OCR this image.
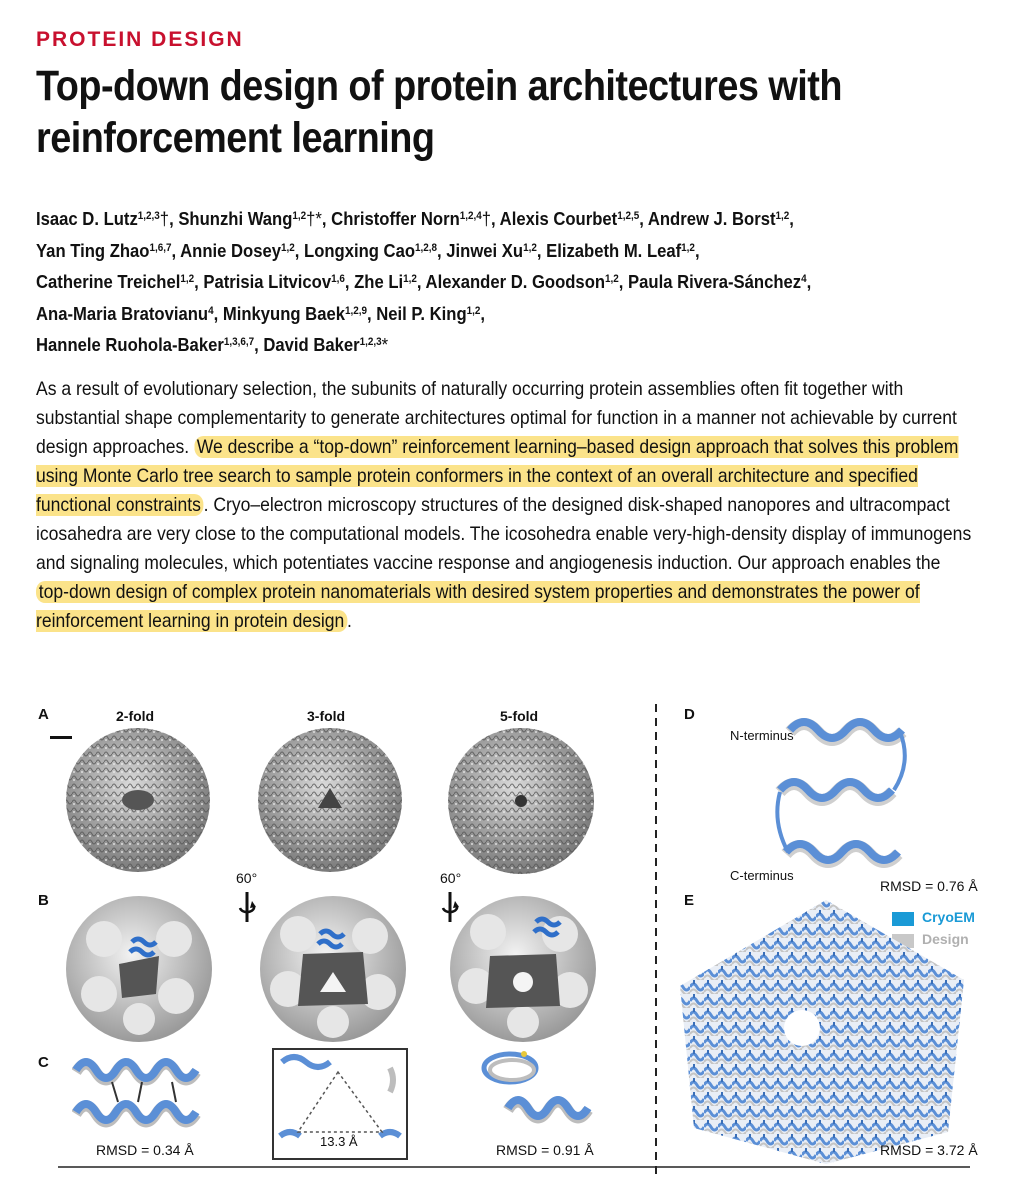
PROTEIN DESIGN
Top-down design of protein architectures with
reinforcement learning
Isaac D. Lutz$^{1,2,3}$†, Shunzhi Wang$^{1,2}$†*, Christoffer Norn$^{1,2,4}$†, Alexis Courbet$^{1,2,5}$, Andrew J. Borst$^{1,2}$,
Yan Ting Zhao$^{1,6,7}$, Annie Dosey$^{1,2}$, Longxing Cao$^{1,2,8}$, Jinwei Xu$^{1,2}$, Elizabeth M. Leaf$^{1,2}$,
Catherine Treichel$^{1,2}$, Patrisia Litvicov$^{1,6}$, Zhe Li$^{1,2}$, Alexander D. Goodson$^{1,2}$, Paula Rivera-Sánchez$^4$,
Ana-Maria Bratovianu$^4$, Minkyung Baek$^{1,2,9}$, Neil P. King$^{1,2}$,
Hannele Ruohola-Baker$^{1,3,6,7}$, David Baker$^{1,2,3}$*
As a result of evolutionary selection, the subunits of naturally occurring protein assemblies often fit together with substantial shape complementarity to generate architectures optimal for function in a manner not achievable by current design approaches. We describe a “top-down” reinforcement learning–based design approach that solves this problem using Monte Carlo tree search to sample protein conformers in the context of an overall architecture and specified functional constraints . Cryo–electron microscopy structures of the designed disk-shaped nanopores and ultracompact icosahedra are very close to the computational models. The icosohedra enable very-high-density display of immunogens and signaling molecules, which potentiates vaccine response and angiogenesis induction. Our approach enables the top-down design of complex protein nanomaterials with desired system properties and demonstrates the power of reinforcement learning in protein design .
A
B
C
D
E
2-fold	3-fold	5-fold
60°	60°
RMSD = 0.34 Å
13.3 Å
RMSD = 0.91 Å
N-terminus
C-terminus
RMSD = 0.76 Å
CryoEM
Design
RMSD = 3.72 Å
